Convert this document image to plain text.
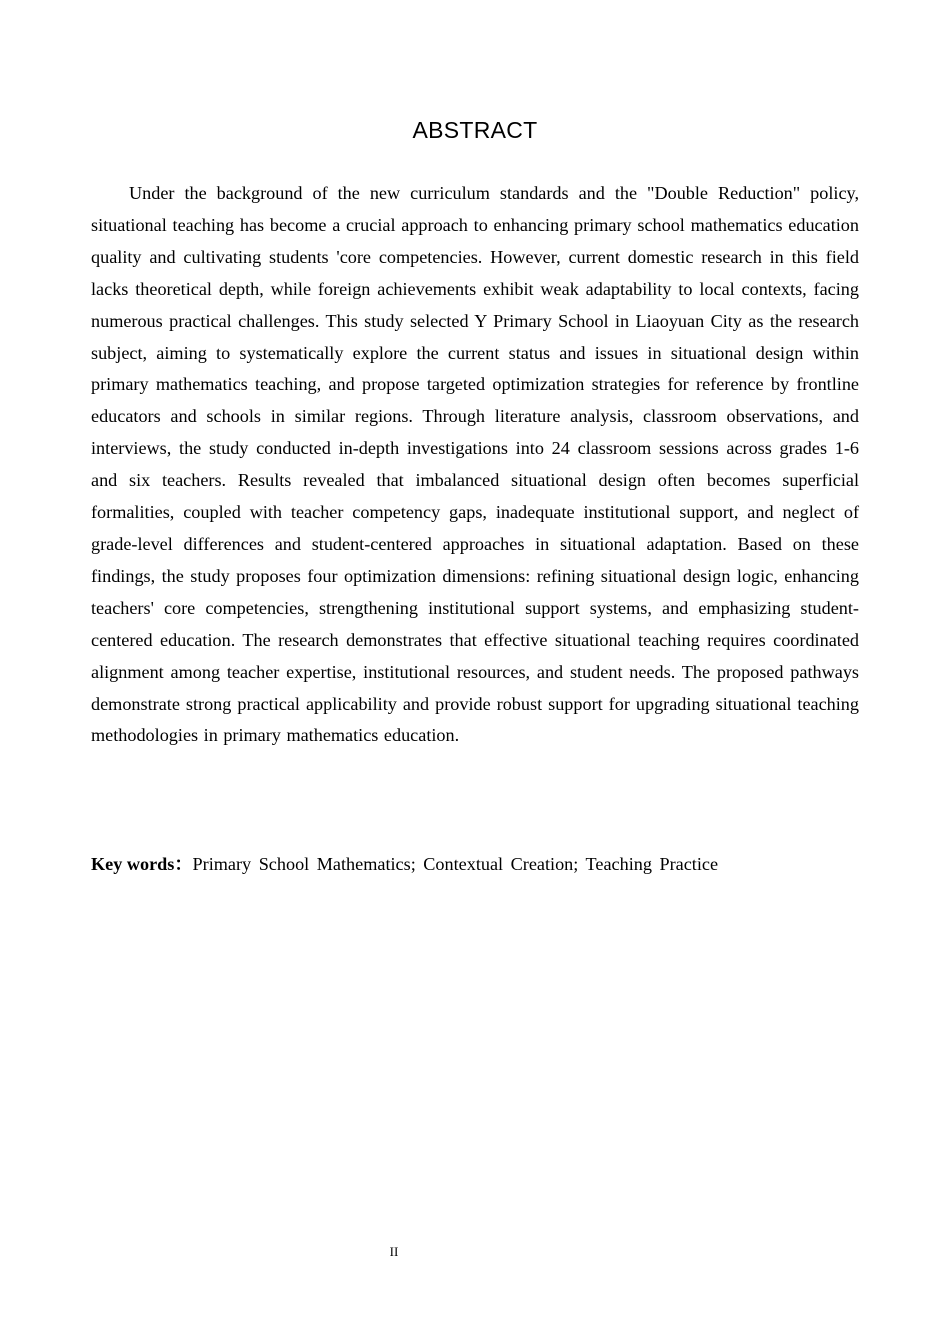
ABSTRACT

Under the background of the new curriculum standards and the "Double Reduction" policy, situational teaching has become a crucial approach to enhancing primary school mathematics education quality and cultivating students 'core competencies. However, current domestic research in this field lacks theoretical depth, while foreign achievements exhibit weak adaptability to local contexts, facing numerous practical challenges. This study selected Y Primary School in Liaoyuan City as the research subject, aiming to systematically explore the current status and issues in situational design within primary mathematics teaching, and propose targeted optimization strategies for reference by frontline educators and schools in similar regions. Through literature analysis, classroom observations, and interviews, the study conducted in-depth investigations into 24 classroom sessions across grades 1-6 and six teachers. Results revealed that imbalanced situational design often becomes superficial formalities, coupled with teacher competency gaps, inadequate institutional support, and neglect of grade-level differences and student-centered approaches in situational adaptation. Based on these findings, the study proposes four optimization dimensions: refining situational design logic, enhancing teachers' core competencies, strengthening institutional support systems, and emphasizing student-centered education. The research demonstrates that effective situational teaching requires coordinated alignment among teacher expertise, institutional resources, and student needs. The proposed pathways demonstrate strong practical applicability and provide robust support for upgrading situational teaching methodologies in primary mathematics education.

Key words：Primary School Mathematics; Contextual Creation; Teaching Practice

II
